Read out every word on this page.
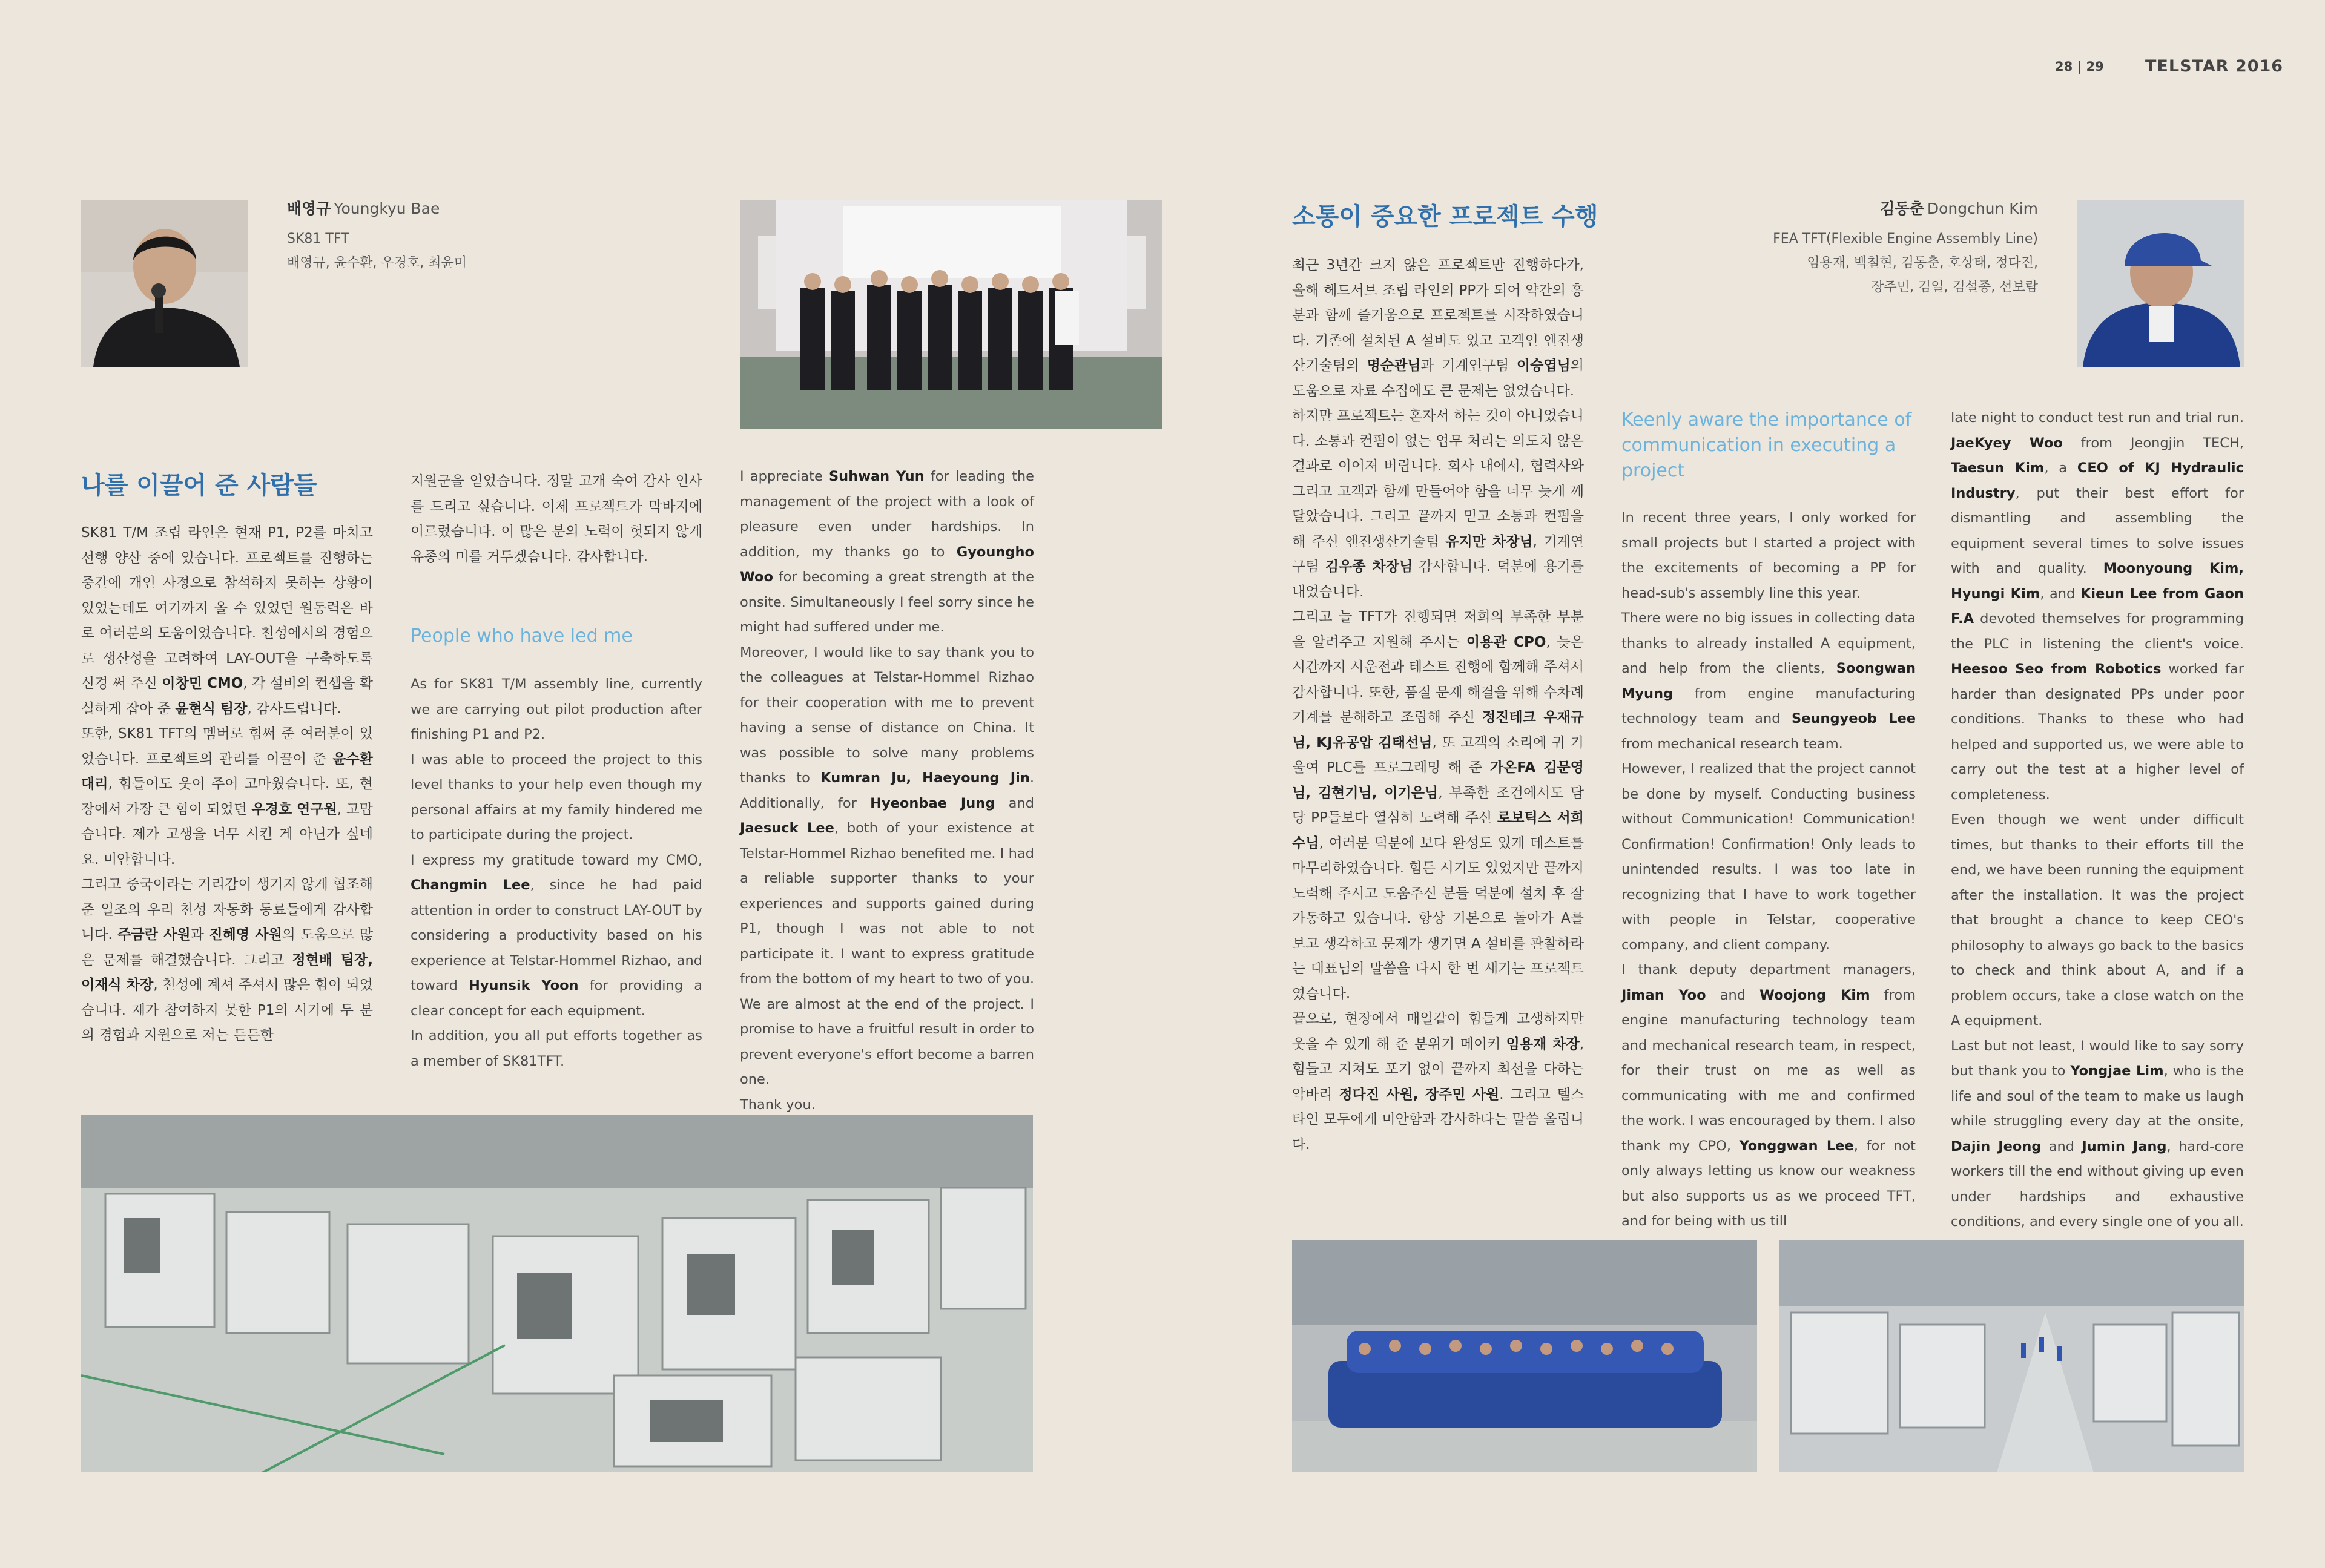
28 | 29	TELSTAR 2016
배영규 Youngkyu Bae
SK81 TFT
배영규, 윤수환, 우경호, 최윤미
나를 이끌어 준 사람들

SK81 T/M 조립 라인은 현재 P1, P2를 마치고 선행 양산 중에 있습니다. 프로젝트를 진행하는 중간에 개인 사정으로 참석하지 못하는 상황이 있었는데도 여기까지 올 수 있었던 원동력은 바로 여러분의 도움이었습니다. 천성에서의 경험으로 생산성을 고려하여 LAY-OUT을 구축하도록 신경 써 주신 이창민 CMO, 각 설비의 컨셉을 확실하게 잡아 준 윤현식 팀장, 감사드립니다.

또한, SK81 TFT의 멤버로 힘써 준 여러분이 있었습니다. 프로젝트의 관리를 이끌어 준 윤수환 대리, 힘들어도 웃어 주어 고마웠습니다. 또, 현장에서 가장 큰 힘이 되었던 우경호 연구원, 고맙습니다. 제가 고생을 너무 시킨 게 아닌가 싶네요. 미안합니다.

그리고 중국이라는 거리감이 생기지 않게 협조해 준 일조의 우리 천성 자동화 동료들에게 감사합니다. 주금란 사원과 진혜영 사원의 도움으로 많은 문제를 해결했습니다. 그리고 정현배 팀장, 이재식 차장, 천성에 계셔 주셔서 많은 힘이 되었습니다. 제가 참여하지 못한 P1의 시기에 두 분의 경험과 지원으로 저는 든든한

지원군을 얻었습니다. 정말 고개 숙여 감사 인사를 드리고 싶습니다. 이제 프로젝트가 막바지에 이르렀습니다. 이 많은 분의 노력이 헛되지 않게 유종의 미를 거두겠습니다. 감사합니다.
People who have led me

As for SK81 T/M assembly line, currently we are carrying out pilot production after finishing P1 and P2.

I was able to proceed the project to this level thanks to your help even though my personal affairs at my family hindered me to participate during the project.

I express my gratitude toward my CMO, Changmin Lee, since he had paid attention in order to construct LAY-OUT by considering a productivity based on his experience at Telstar-Hommel Rizhao, and toward Hyunsik Yoon for providing a clear concept for each equipment.

In addition, you all put efforts together as a member of SK81TFT.

I appreciate Suhwan Yun for leading the management of the project with a look of pleasure even under hardships. In addition, my thanks go to Gyoungho Woo for becoming a great strength at the onsite. Simultaneously I feel sorry since he might had suffered under me.

Moreover, I would like to say thank you to the colleagues at Telstar-Hommel Rizhao for their cooperation with me to prevent having a sense of distance on China. It was possible to solve many problems thanks to Kumran Ju, Haeyoung Jin. Additionally, for Hyeonbae Jung and Jaesuck Lee, both of your existence at Telstar-Hommel Rizhao benefited me. I had a reliable supporter thanks to your experiences and supports gained during P1, though I was not able to not participate it. I want to express gratitude from the bottom of my heart to two of you. We are almost at the end of the project. I promise to have a fruitful result in order to prevent everyone's effort become a barren one.

Thank you.

소통이 중요한 프로젝트 수행	김동춘 Dongchun Kim
FEA TFT(Flexible Engine Assembly Line)
임용재, 백철현, 김동춘, 호상태, 정다진,
장주민, 김일, 김설종, 선보람

최근 3년간 크지 않은 프로젝트만 진행하다가, 올해 헤드서브 조립 라인의 PP가 되어 약간의 흥분과 함께 즐거움으로 프로젝트를 시작하였습니다. 기존에 설치된 A 설비도 있고 고객인 엔진생산기술팀의 명순관님과 기계연구팀 이승엽님의 도움으로 자료 수집에도 큰 문제는 없었습니다.

하지만 프로젝트는 혼자서 하는 것이 아니었습니다. 소통과 컨펌이 없는 업무 처리는 의도치 않은 결과로 이어져 버립니다. 회사 내에서, 협력사와 그리고 고객과 함께 만들어야 함을 너무 늦게 깨달았습니다. 그리고 끝까지 믿고 소통과 컨펌을 해 주신 엔진생산기술팀 유지만 차장님, 기계연구팀 김우종 차장님 감사합니다. 덕분에 용기를 내었습니다.

그리고 늘 TFT가 진행되면 저희의 부족한 부분을 알려주고 지원해 주시는 이용관 CPO, 늦은 시간까지 시운전과 테스트 진행에 함께해 주셔서 감사합니다. 또한, 품질 문제 해결을 위해 수차례 기계를 분해하고 조립해 주신 정진테크 우재규님, KJ유공압 김태선님, 또 고객의 소리에 귀 기울여 PLC를 프로그래밍 해 준 가온FA 김문영님, 김현기님, 이기은님, 부족한 조건에서도 담당 PP들보다 열심히 노력해 주신 로보틱스 서희수님, 여러분 덕분에 보다 완성도 있게 테스트를 마무리하였습니다. 힘든 시기도 있었지만 끝까지 노력해 주시고 도움주신 분들 덕분에 설치 후 잘 가동하고 있습니다. 항상 기본으로 돌아가 A를 보고 생각하고 문제가 생기면 A 설비를 관찰하라는 대표님의 말씀을 다시 한 번 새기는 프로젝트였습니다.

끝으로, 현장에서 매일같이 힘들게 고생하지만 웃을 수 있게 해 준 분위기 메이커 임용재 차장, 힘들고 지쳐도 포기 없이 끝까지 최선을 다하는 악바리 정다진 사원, 장주민 사원. 그리고 텔스타인 모두에게 미안함과 감사하다는 말씀 올립니다.

Keenly aware the importance of communication in executing a project

In recent three years, I only worked for small projects but I started a project with the excitements of becoming a PP for head-sub's assembly line this year.

There were no big issues in collecting data thanks to already installed A equipment, and help from the clients, Soongwan Myung from engine manufacturing technology team and Seungyeob Lee from mechanical research team.

However, I realized that the project cannot be done by myself. Conducting business without Communication! Communication! Confirmation! Confirmation! Only leads to unintended results. I was too late in recognizing that I have to work together with people in Telstar, cooperative company, and client company.

I thank deputy department managers, Jiman Yoo and Woojong Kim from engine manufacturing technology team and mechanical research team, in respect, for their trust on me as well as communicating with me and confirmed the work. I was encouraged by them. I also thank my CPO, Yonggwan Lee, for not only always letting us know our weakness but also supports us as we proceed TFT, and for being with us till

late night to conduct test run and trial run. JaeKyey Woo from Jeongjin TECH, Taesun Kim, a CEO of KJ Hydraulic Industry, put their best effort for dismantling and assembling the equipment several times to solve issues with and quality. Moonyoung Kim, Hyungi Kim, and Kieun Lee from Gaon F.A devoted themselves for programming the PLC in listening the client's voice. Heesoo Seo from Robotics worked far harder than designated PPs under poor conditions. Thanks to these who had helped and supported us, we were able to carry out the test at a higher level of completeness.

Even though we went under difficult times, but thanks to their efforts till the end, we have been running the equipment after the installation. It was the project that brought a chance to keep CEO's philosophy to always go back to the basics to check and think about A, and if a problem occurs, take a close watch on the A equipment.

Last but not least, I would like to say sorry but thank you to Yongjae Lim, who is the life and soul of the team to make us laugh while struggling every day at the onsite, Dajin Jeong and Jumin Jang, hard-core workers till the end without giving up even under hardships and exhaustive conditions, and every single one of you all.
